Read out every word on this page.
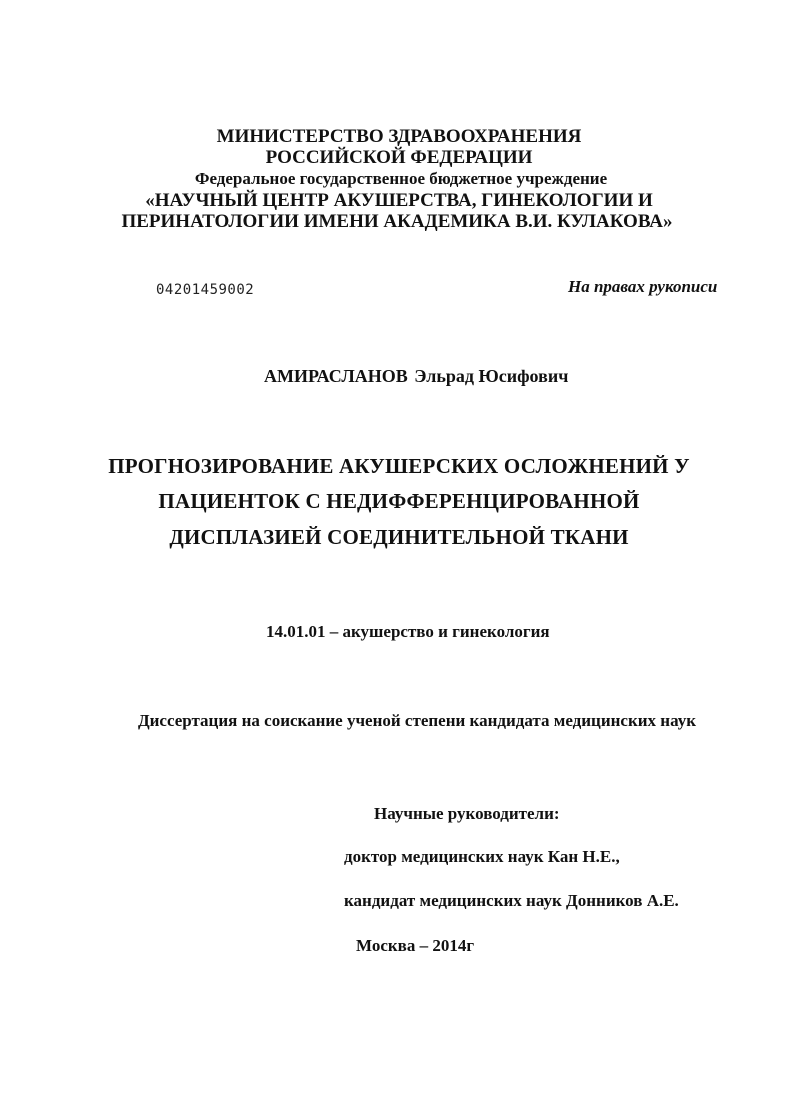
МИНИСТЕРСТВО ЗДРАВООХРАНЕНИЯ

РОССИЙСКОЙ ФЕДЕРАЦИИ

Федеральное государственное бюджетное учреждение

«НАУЧНЫЙ ЦЕНТР АКУШЕРСТВА, ГИНЕКОЛОГИИ И

ПЕРИНАТОЛОГИИ ИМЕНИ АКАДЕМИКА В.И. КУЛАКОВА»

04201459002	На правах рукописи

АМИРАСЛАНОВ Эльрад Юсифович

ПРОГНОЗИРОВАНИЕ АКУШЕРСКИХ ОСЛОЖНЕНИЙ У

ПАЦИЕНТОК С НЕДИФФЕРЕНЦИРОВАННОЙ

ДИСПЛАЗИЕЙ СОЕДИНИТЕЛЬНОЙ ТКАНИ

14.01.01 – акушерство и гинекология

Диссертация на соискание ученой степени кандидата медицинских наук

Научные руководители:

доктор медицинских наук Кан Н.Е.,

кандидат медицинских наук Донников А.Е.

Москва – 2014г
